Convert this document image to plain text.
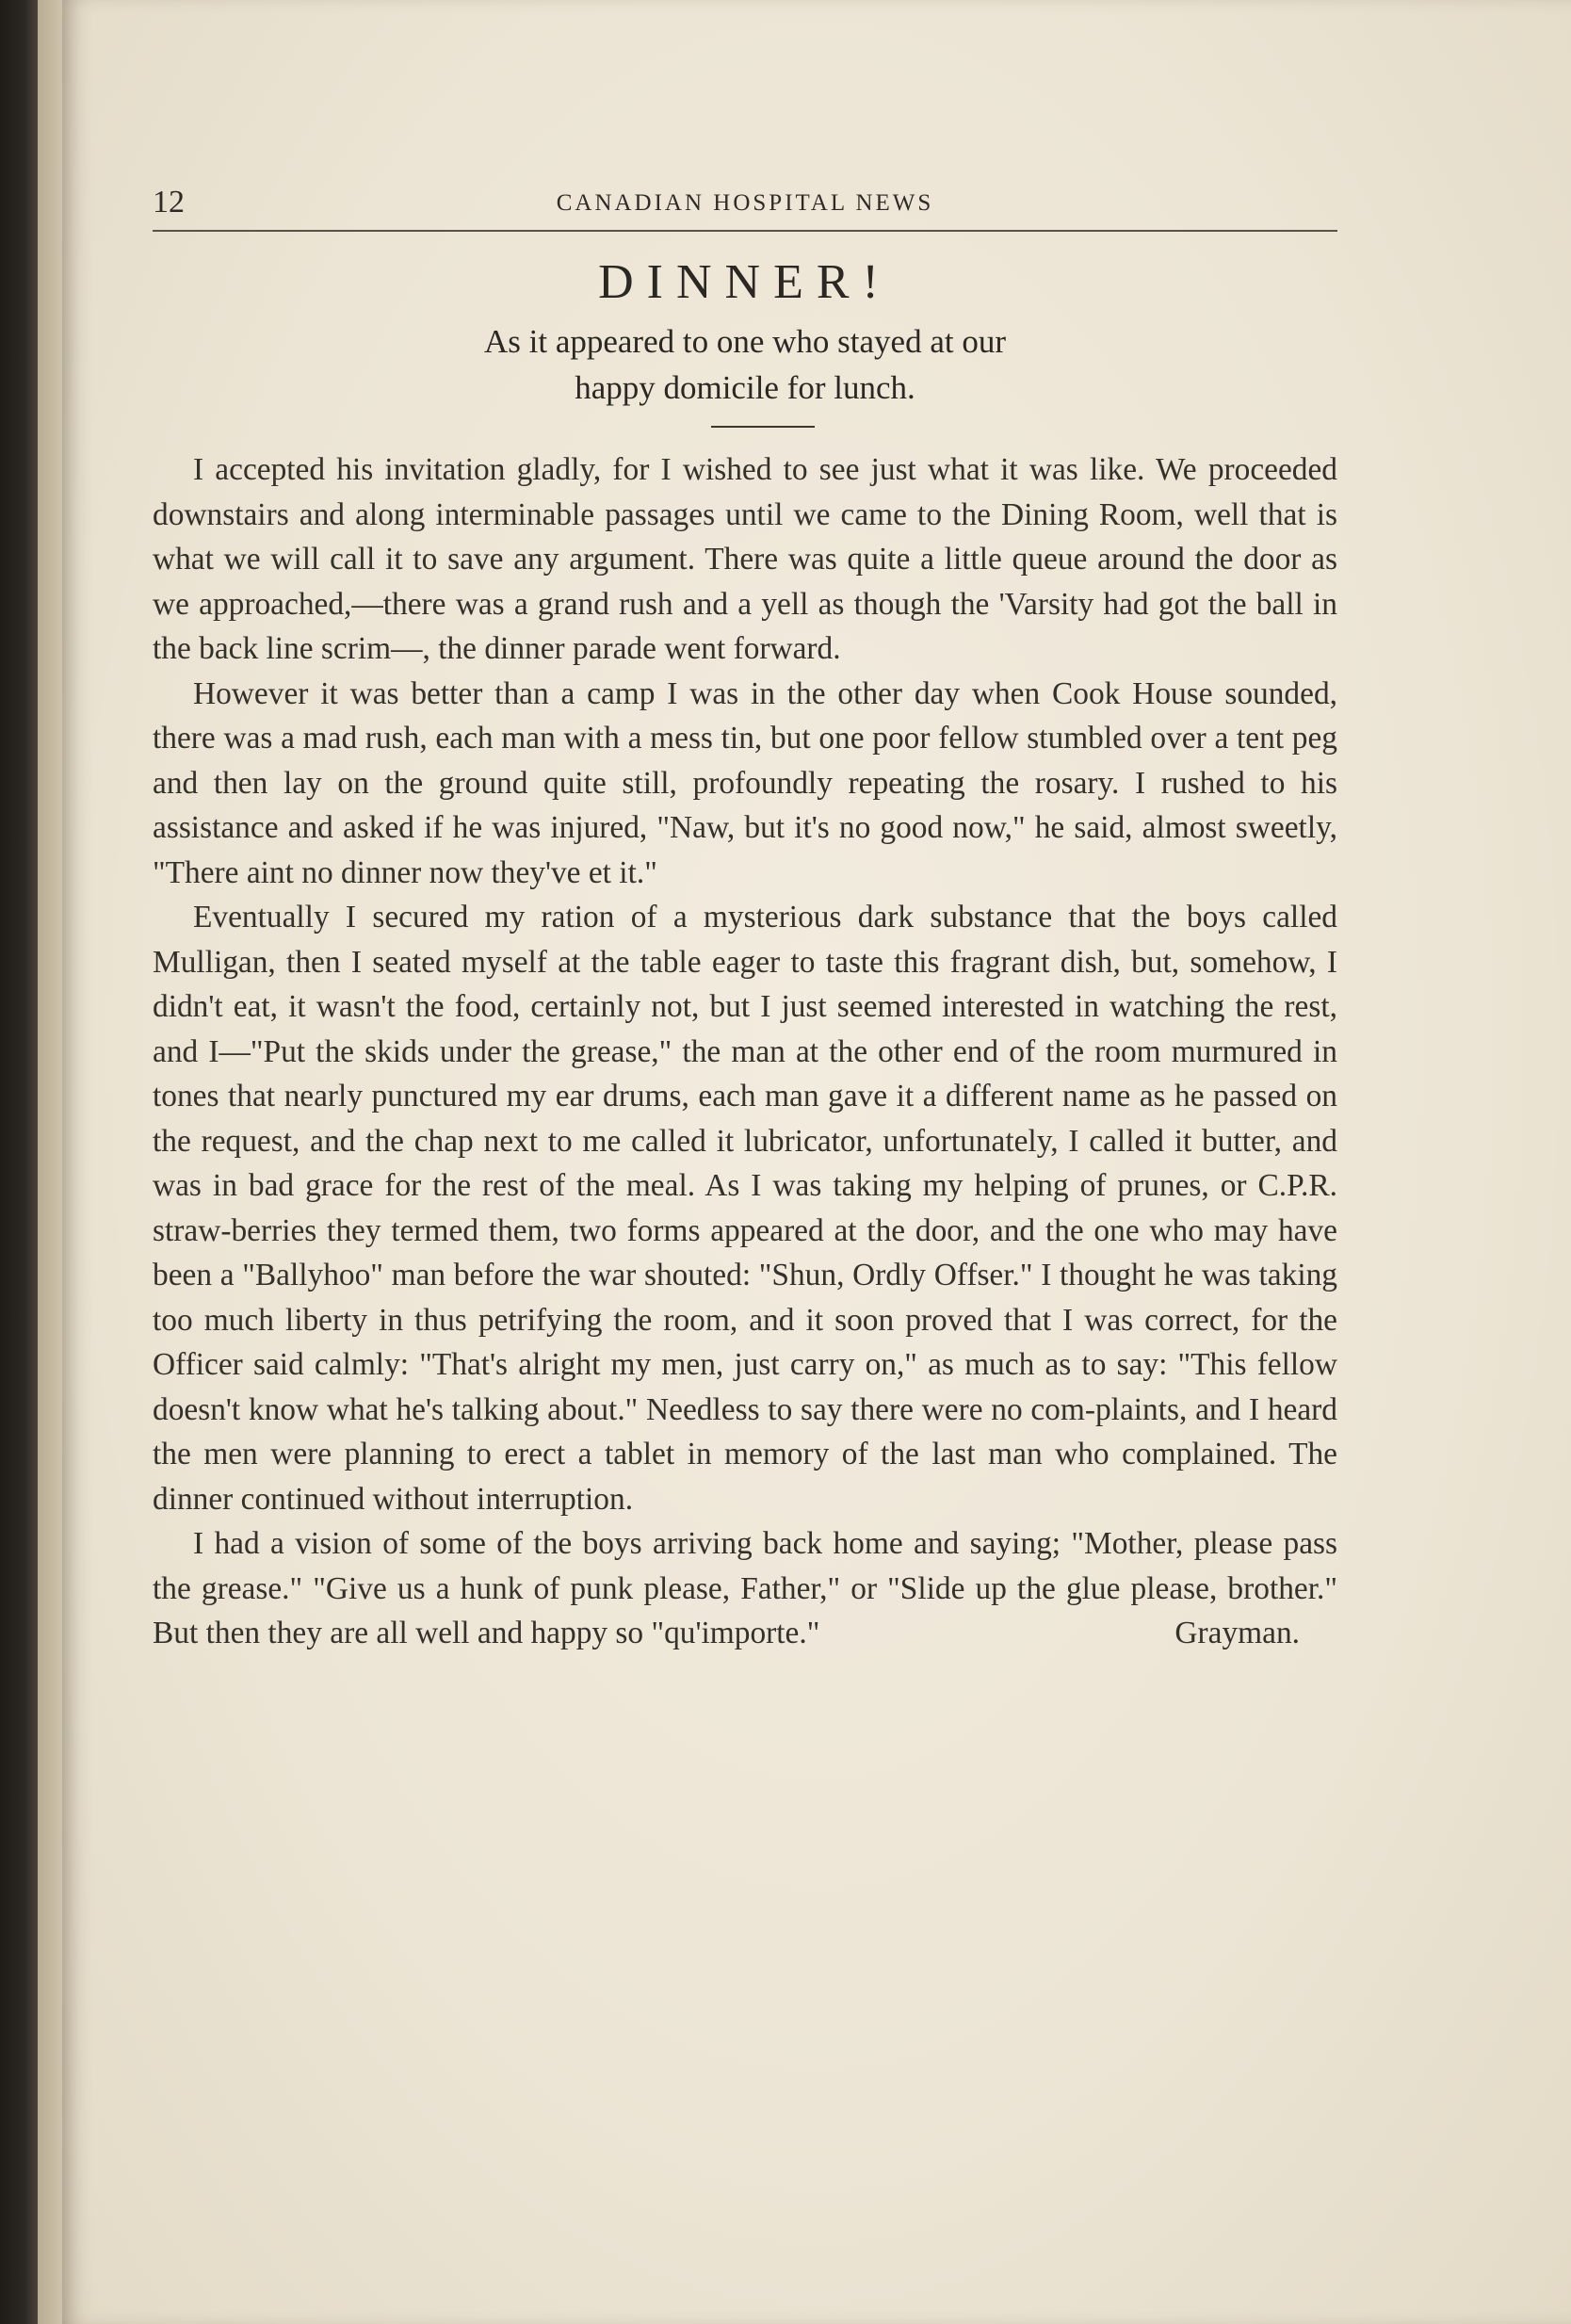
12	CANADIAN HOSPITAL NEWS
DINNER!
As it appeared to one who stayed at our
happy domicile for lunch.

I accepted his invitation gladly, for I wished to see just what it was like. We proceeded downstairs and along interminable passages until we came to the Dining Room, well that is what we will call it to save any argument. There was quite a little queue around the door as we approached,—there was a grand rush and a yell as though the 'Varsity had got the ball in the back line scrim—, the dinner parade went forward.

However it was better than a camp I was in the other day when Cook House sounded, there was a mad rush, each man with a mess tin, but one poor fellow stumbled over a tent peg and then lay on the ground quite still, profoundly repeating the rosary. I rushed to his assistance and asked if he was injured, "Naw, but it's no good now," he said, almost sweetly, "There aint no dinner now they've et it."

Eventually I secured my ration of a mysterious dark substance that the boys called Mulligan, then I seated myself at the table eager to taste this fragrant dish, but, somehow, I didn't eat, it wasn't the food, certainly not, but I just seemed interested in watching the rest, and I—"Put the skids under the grease," the man at the other end of the room murmured in tones that nearly punctured my ear drums, each man gave it a different name as he passed on the request, and the chap next to me called it lubricator, unfortunately, I called it butter, and was in bad grace for the rest of the meal. As I was taking my helping of prunes, or C.P.R. straw-berries they termed them, two forms appeared at the door, and the one who may have been a "Ballyhoo" man before the war shouted: "Shun, Ordly Offser." I thought he was taking too much liberty in thus petrifying the room, and it soon proved that I was correct, for the Officer said calmly: "That's alright my men, just carry on," as much as to say: "This fellow doesn't know what he's talking about." Needless to say there were no com-plaints, and I heard the men were planning to erect a tablet in memory of the last man who complained. The dinner continued without interruption.

I had a vision of some of the boys arriving back home and saying; "Mother, please pass the grease." "Give us a hunk of punk please, Father," or "Slide up the glue please, brother." But then they are all well and happy so "qu'importe."	Grayman.
